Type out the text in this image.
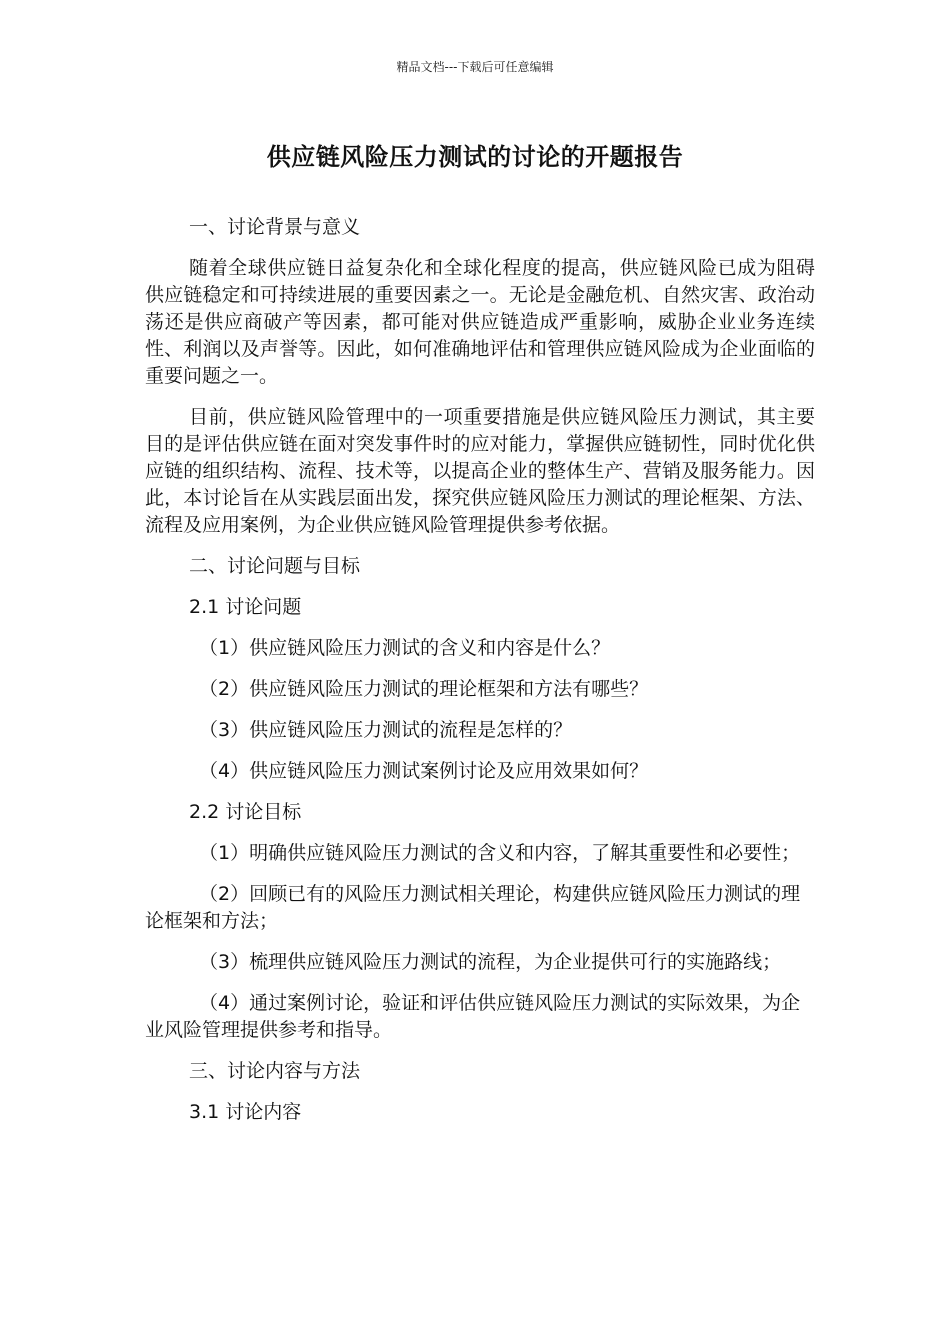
精品文档---下载后可任意编辑
供应链风险压力测试的讨论的开题报告
一、讨论背景与意义
随着全球供应链日益复杂化和全球化程度的提高，供应链风险已成为阻碍供应链稳定和可持续进展的重要因素之一。无论是金融危机、自然灾害、政治动荡还是供应商破产等因素，都可能对供应链造成严重影响，威胁企业业务连续性、利润以及声誉等。因此，如何准确地评估和管理供应链风险成为企业面临的重要问题之一。
目前，供应链风险管理中的一项重要措施是供应链风险压力测试，其主要目的是评估供应链在面对突发事件时的应对能力，掌握供应链韧性，同时优化供应链的组织结构、流程、技术等，以提高企业的整体生产、营销及服务能力。因此，本讨论旨在从实践层面出发，探究供应链风险压力测试的理论框架、方法、流程及应用案例，为企业供应链风险管理提供参考依据。
二、讨论问题与目标
2.1 讨论问题
（1）供应链风险压力测试的含义和内容是什么？
（2）供应链风险压力测试的理论框架和方法有哪些？
（3）供应链风险压力测试的流程是怎样的？
（4）供应链风险压力测试案例讨论及应用效果如何？
2.2 讨论目标
（1）明确供应链风险压力测试的含义和内容，了解其重要性和必要性；
（2）回顾已有的风险压力测试相关理论，构建供应链风险压力测试的理论框架和方法；
（3）梳理供应链风险压力测试的流程，为企业提供可行的实施路线；
（4）通过案例讨论，验证和评估供应链风险压力测试的实际效果，为企业风险管理提供参考和指导。
三、讨论内容与方法
3.1 讨论内容
